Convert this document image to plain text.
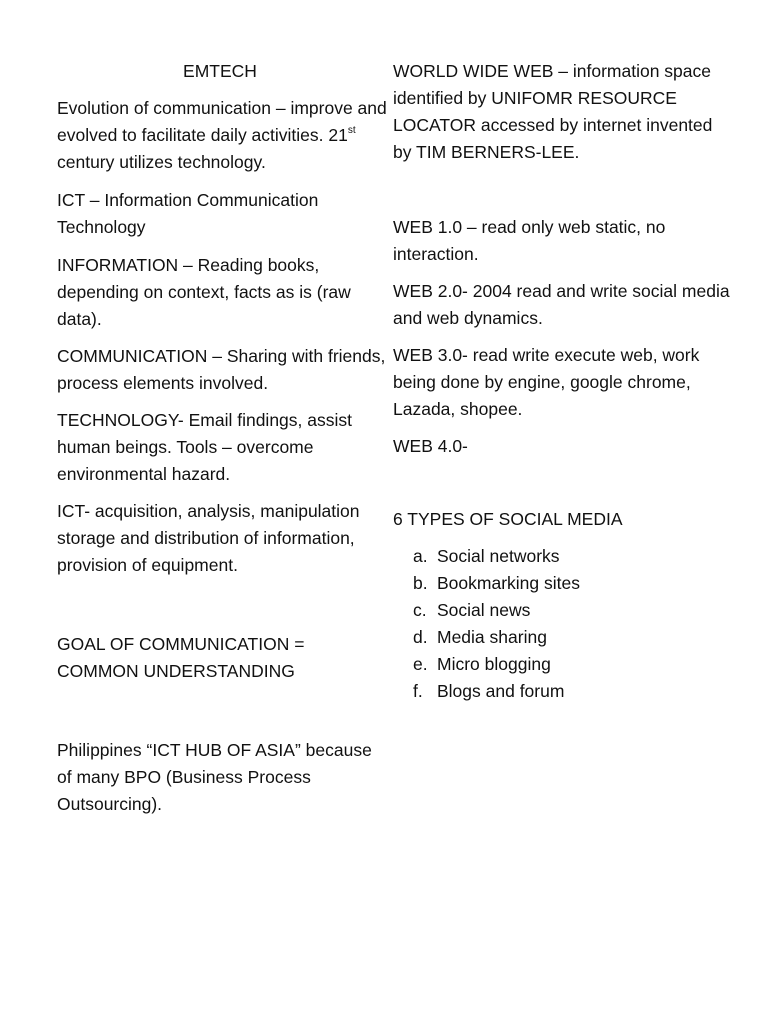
EMTECH

Evolution of communication – improve and evolved to facilitate daily activities. 21st century utilizes technology.

ICT – Information Communication Technology

INFORMATION – Reading books, depending on context, facts as is (raw data).

COMMUNICATION – Sharing with friends, process elements involved.

TECHNOLOGY- Email findings, assist human beings. Tools – overcome environmental hazard.

ICT- acquisition, analysis, manipulation storage and distribution of information, provision of equipment.

GOAL OF COMMUNICATION =

COMMON UNDERSTANDING

Philippines “ICT HUB OF ASIA” because of many BPO (Business Process Outsourcing).

WORLD WIDE WEB – information space identified by UNIFOMR RESOURCE LOCATOR accessed by internet invented by TIM BERNERS-LEE.

WEB 1.0 – read only web static, no interaction.

WEB 2.0- 2004 read and write social media and web dynamics.

WEB 3.0- read write execute web, work being done by engine, google chrome, Lazada, shopee.

WEB 4.0-

6 TYPES OF SOCIAL MEDIA

a. Social networks
b. Bookmarking sites
c. Social news
d. Media sharing
e. Micro blogging
f. Blogs and forum
